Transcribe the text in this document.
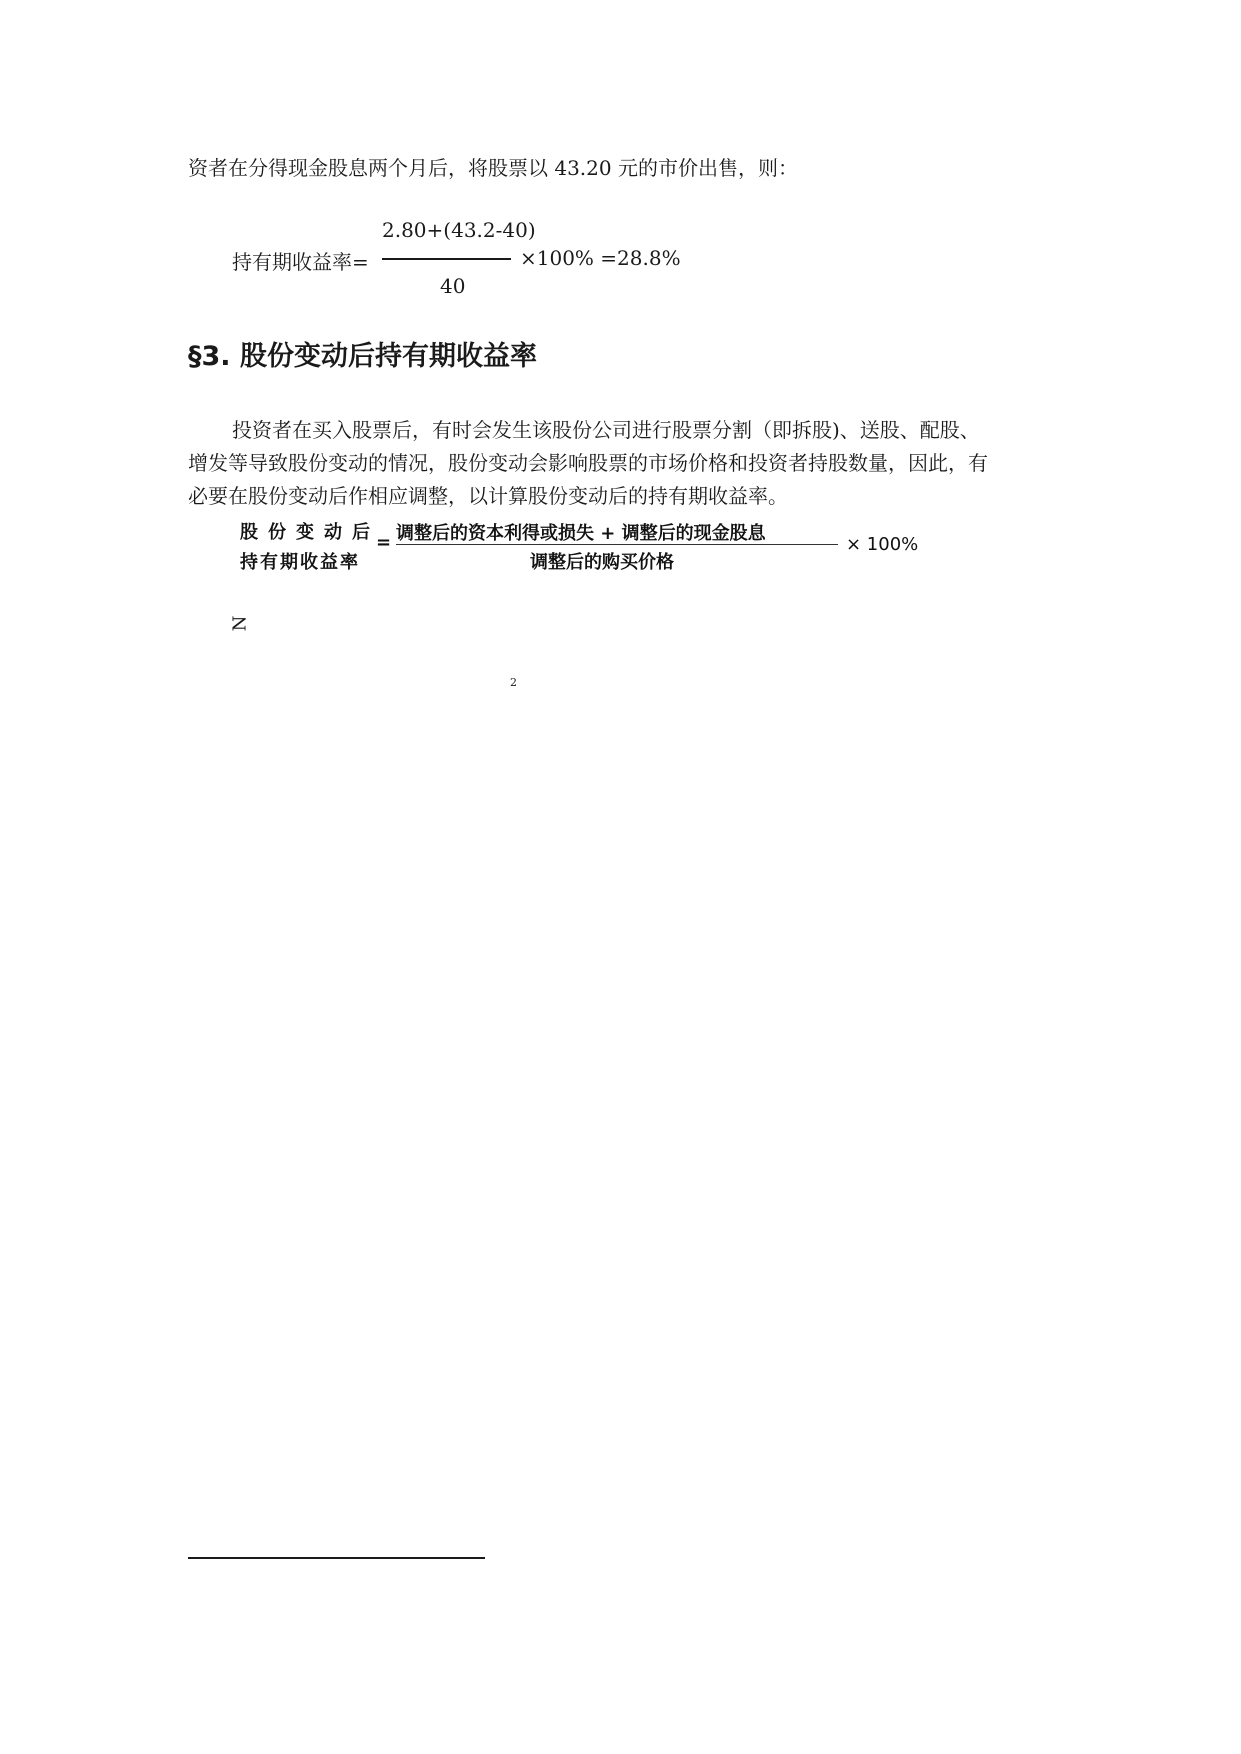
资者在分得现金股息两个月后，将股票以 43.20 元的市价出售，则：
持有期收益率=
2.80+(43.2-40)
40
×100% =28.8%
§3. 股份变动后持有期收益率
投资者在买入股票后，有时会发生该股份公司进行股票分割（即拆股)、送股、配股、
增发等导致股份变动的情况，股份变动会影响股票的市场价格和投资者持股数量，因此，有
必要在股份变动后作相应调整，以计算股份变动后的持有期收益率。
股份变动后
持有期收益率
= 调整后的资本利得或损失 + 调整后的现金股息
调整后的购买价格
× 100%
N
2
